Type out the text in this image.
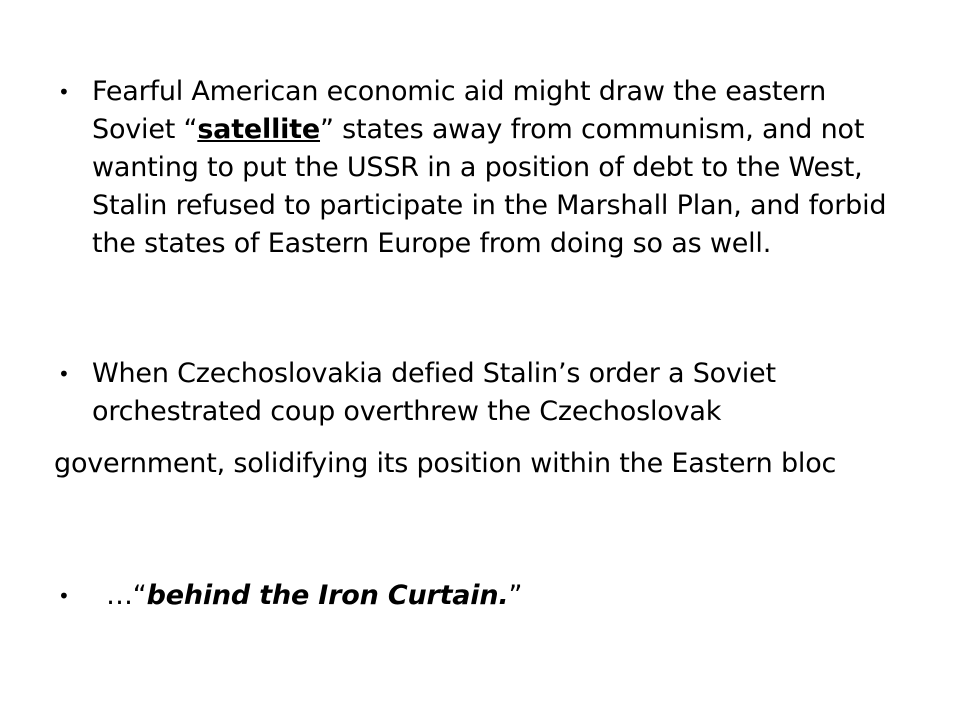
• Fearful American economic aid might draw the eastern Soviet “satellite” states away from communism, and not wanting to put the USSR in a position of debt to the West, Stalin refused to participate in the Marshall Plan, and forbid the states of Eastern Europe from doing so as well.
• When Czechoslovakia defied Stalin’s order a Soviet orchestrated coup overthrew the Czechoslovak
government, solidifying its position within the Eastern bloc
• …“behind the Iron Curtain.”
